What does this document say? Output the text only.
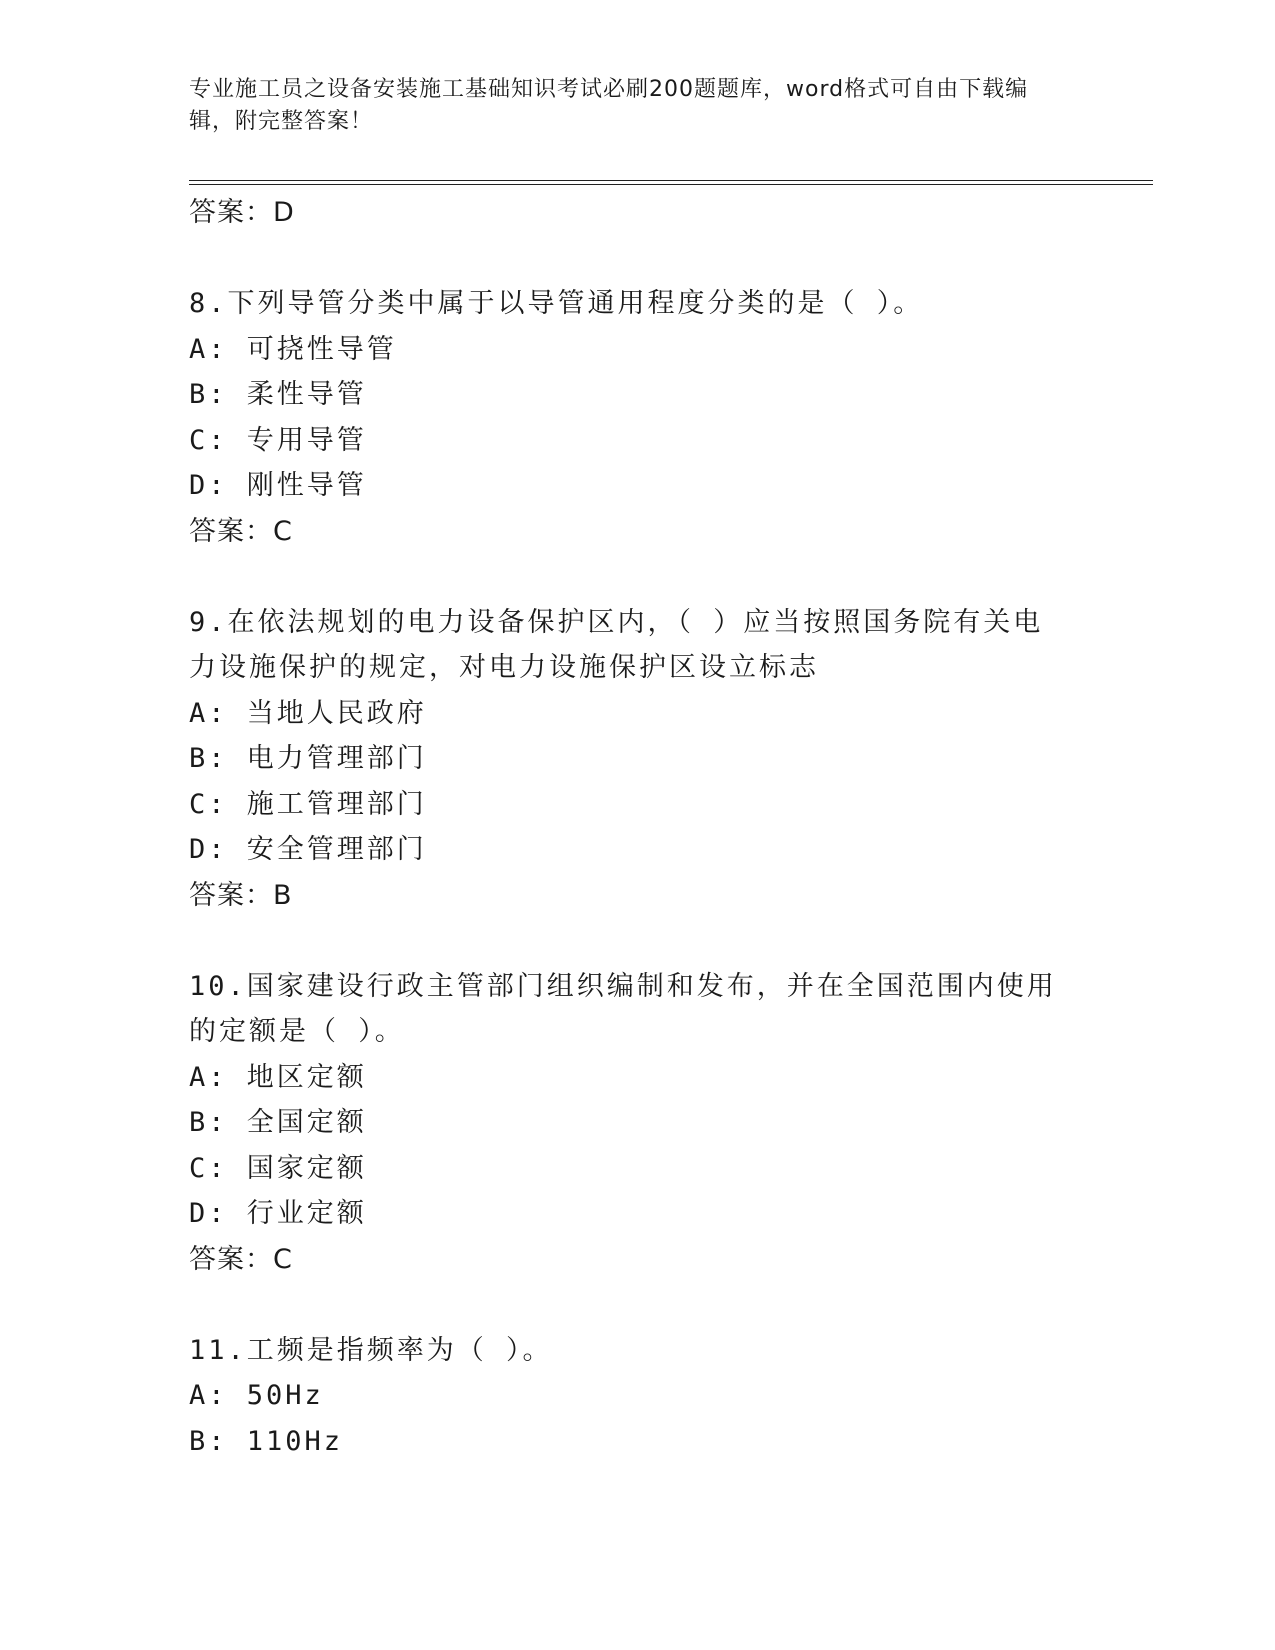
专业施工员之设备安装施工基础知识考试必刷200题题库，word格式可自由下载编辑，附完整答案！
答案：D
8.下列导管分类中属于以导管通用程度分类的是（ ）。
A: 可挠性导管
B: 柔性导管
C: 专用导管
D: 刚性导管
答案：C
9.在依法规划的电力设备保护区内，（ ）应当按照国务院有关电力设施保护的规定，对电力设施保护区设立标志
A: 当地人民政府
B: 电力管理部门
C: 施工管理部门
D: 安全管理部门
答案：B
10.国家建设行政主管部门组织编制和发布，并在全国范围内使用的定额是（ ）。
A: 地区定额
B: 全国定额
C: 国家定额
D: 行业定额
答案：C
11.工频是指频率为（ ）。
A: 50Hz
B: 110Hz
